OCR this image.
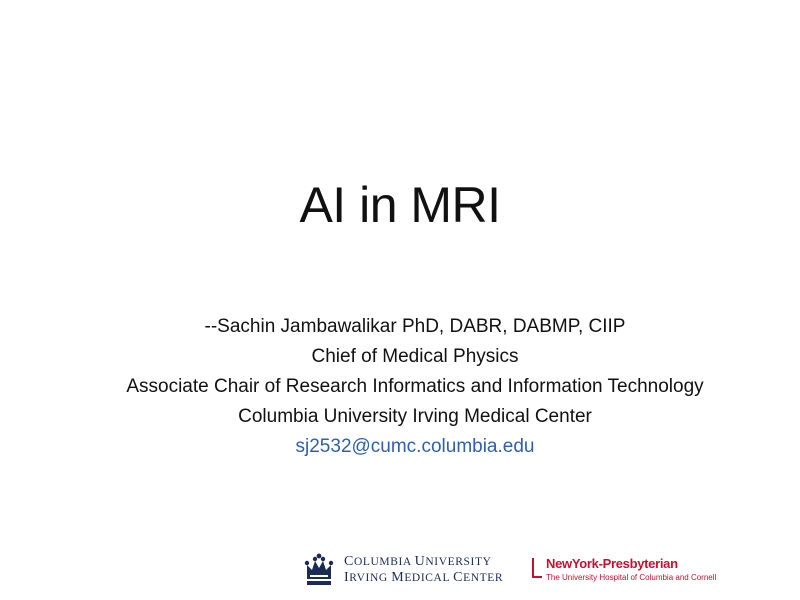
AI in MRI
--Sachin Jambawalikar PhD, DABR, DABMP, CIIP
Chief of Medical Physics
Associate Chair of Research Informatics and Information Technology
Columbia University Irving Medical Center
sj2532@cumc.columbia.edu
COLUMBIA UNIVERSITY
IRVING MEDICAL CENTER
NewYork-Presbyterian
The University Hospital of Columbia and Cornell
